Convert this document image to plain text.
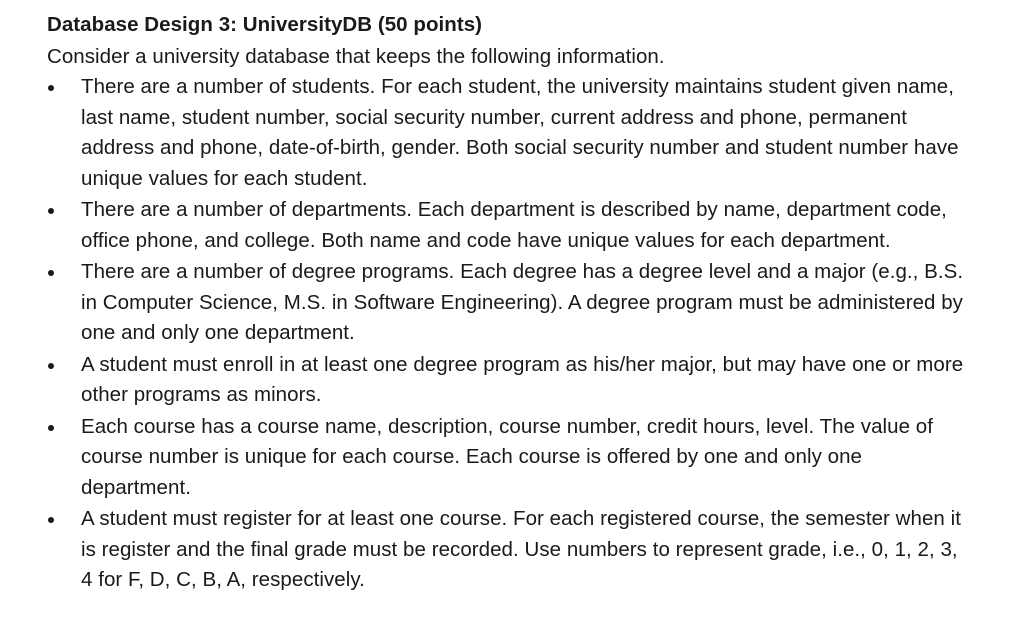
Database Design 3: UniversityDB (50 points)

Consider a university database that keeps the following information.

There are a number of students. For each student, the university maintains student given name, last name, student number, social security number, current address and phone, permanent address and phone, date-of-birth, gender. Both social security number and student number have unique values for each student.
There are a number of departments. Each department is described by name, department code, office phone, and college. Both name and code have unique values for each department.
There are a number of degree programs. Each degree has a degree level and a major (e.g., B.S. in Computer Science, M.S. in Software Engineering). A degree program must be administered by one and only one department.
A student must enroll in at least one degree program as his/her major, but may have one or more other programs as minors.
Each course has a course name, description, course number, credit hours, level. The value of course number is unique for each course. Each course is offered by one and only one department.
A student must register for at least one course. For each registered course, the semester when it is register and the final grade must be recorded. Use numbers to represent grade, i.e., 0, 1, 2, 3, 4 for F, D, C, B, A, respectively.
